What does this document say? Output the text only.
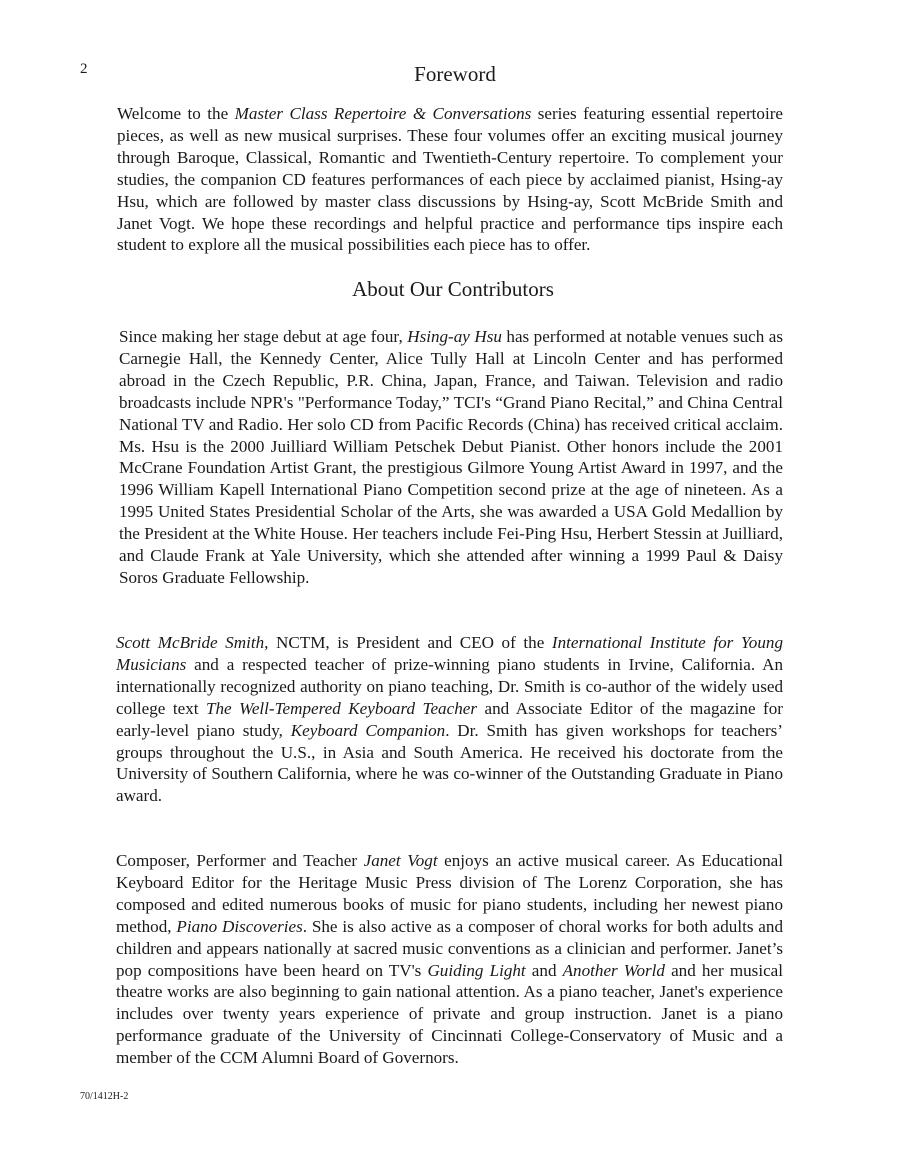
2	Foreword

Welcome to the Master Class Repertoire & Conversations series featuring essential repertoire pieces, as well as new musical surprises. These four volumes offer an exciting musical journey through Baroque, Classical, Romantic and Twentieth-Century repertoire. To complement your studies, the companion CD features performances of each piece by acclaimed pianist, Hsing-ay Hsu, which are followed by master class discussions by Hsing-ay, Scott McBride Smith and Janet Vogt. We hope these recordings and helpful practice and performance tips inspire each student to explore all the musical possibilities each piece has to offer.

About Our Contributors

Since making her stage debut at age four, Hsing-ay Hsu has performed at notable venues such as Carnegie Hall, the Kennedy Center, Alice Tully Hall at Lincoln Center and has performed abroad in the Czech Republic, P.R. China, Japan, France, and Taiwan. Television and radio broadcasts include NPR's "Performance Today,” TCI's “Grand Piano Recital,” and China Central National TV and Radio. Her solo CD from Pacific Records (China) has received critical acclaim. Ms. Hsu is the 2000 Juilliard William Petschek Debut Pianist. Other honors include the 2001 McCrane Foundation Artist Grant, the prestigious Gilmore Young Artist Award in 1997, and the 1996 William Kapell International Piano Competition second prize at the age of nineteen. As a 1995 United States Presidential Scholar of the Arts, she was awarded a USA Gold Medallion by the President at the White House. Her teachers include Fei-Ping Hsu, Herbert Stessin at Juilliard, and Claude Frank at Yale University, which she attended after winning a 1999 Paul & Daisy Soros Graduate Fellowship.

Scott McBride Smith, NCTM, is President and CEO of the International Institute for Young Musicians and a respected teacher of prize-winning piano students in Irvine, California. An internationally recognized authority on piano teaching, Dr. Smith is co-author of the widely used college text The Well-Tempered Keyboard Teacher and Associate Editor of the magazine for early-level piano study, Keyboard Companion. Dr. Smith has given workshops for teachers’ groups throughout the U.S., in Asia and South America. He received his doctorate from the University of Southern California, where he was co-winner of the Outstanding Graduate in Piano award.

Composer, Performer and Teacher Janet Vogt enjoys an active musical career. As Educational Keyboard Editor for the Heritage Music Press division of The Lorenz Corporation, she has composed and edited numerous books of music for piano students, including her newest piano method, Piano Discoveries. She is also active as a composer of choral works for both adults and children and appears nationally at sacred music conventions as a clinician and performer. Janet’s pop compositions have been heard on TV's Guiding Light and Another World and her musical theatre works are also beginning to gain national attention. As a piano teacher, Janet's experience includes over twenty years experience of private and group instruction. Janet is a piano performance graduate of the University of Cincinnati College-Conservatory of Music and a member of the CCM Alumni Board of Governors.

70/1412H-2
